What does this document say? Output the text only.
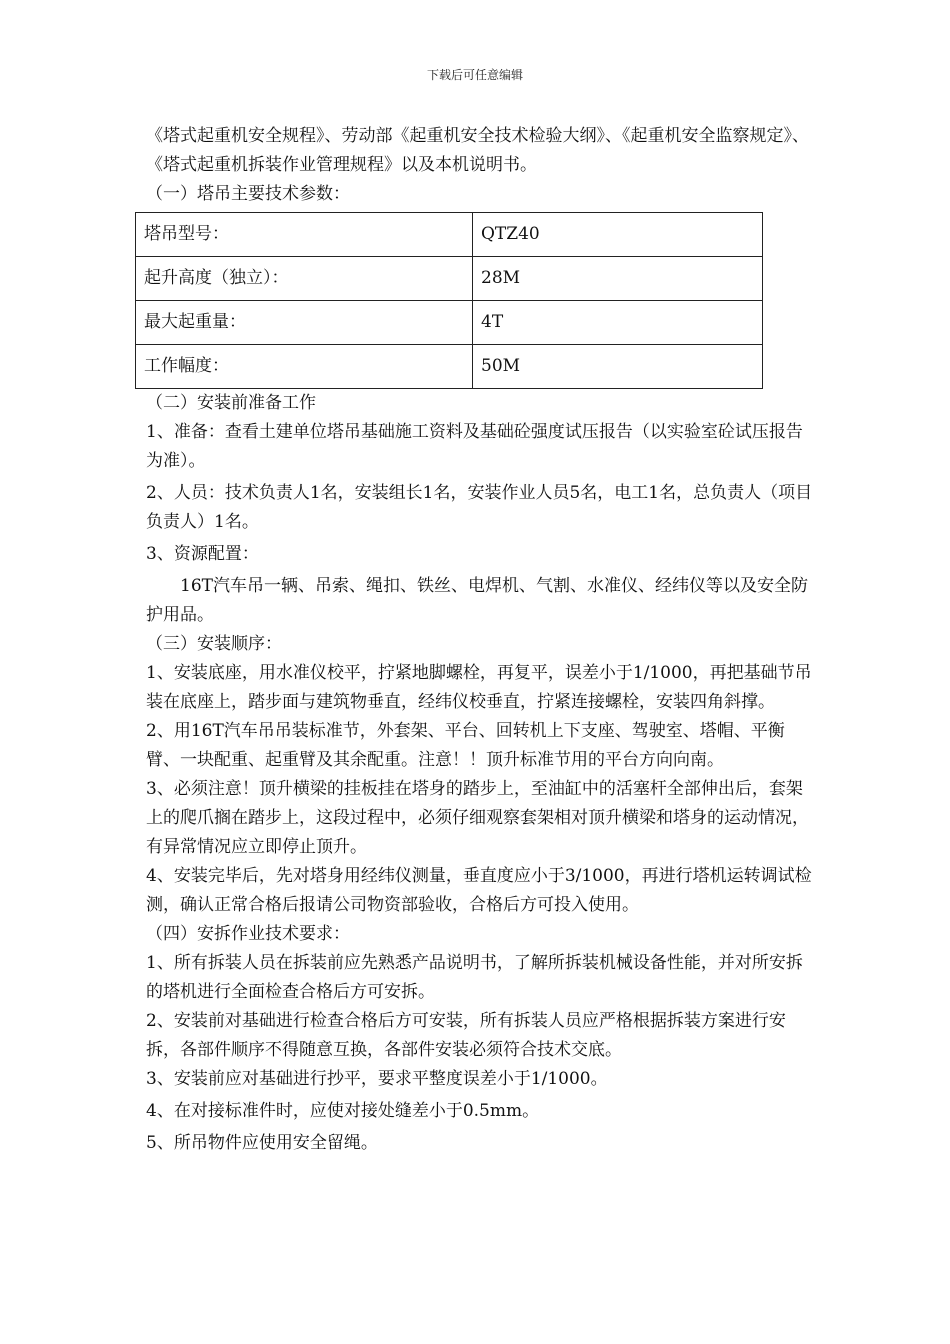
下载后可任意编辑

《塔式起重机安全规程》、劳动部《起重机安全技术检验大纲》、《起重机安全监察规定》、《塔式起重机拆装作业管理规程》以及本机说明书。

（一）塔吊主要技术参数：

塔吊型号：	QTZ40
起升高度（独立）：	28M
最大起重量：	4T
工作幅度：	50M

（二）安装前准备工作

1、准备：查看土建单位塔吊基础施工资料及基础砼强度试压报告（以实验室砼试压报告为准）。

2、人员：技术负责人1名，安装组长1名，安装作业人员5名，电工1名，总负责人（项目负责人）1名。

3、资源配置：

16T汽车吊一辆、吊索、绳扣、铁丝、电焊机、气割、水准仪、经纬仪等以及安全防护用品。

（三）安装顺序：

1、安装底座，用水准仪校平，拧紧地脚螺栓，再复平，误差小于1/1000，再把基础节吊装在底座上，踏步面与建筑物垂直，经纬仪校垂直，拧紧连接螺栓，安装四角斜撑。

2、用16T汽车吊吊装标准节，外套架、平台、回转机上下支座、驾驶室、塔帽、平衡臂、一块配重、起重臂及其余配重。注意！！顶升标准节用的平台方向向南。

3、必须注意！顶升横梁的挂板挂在塔身的踏步上，至油缸中的活塞杆全部伸出后，套架上的爬爪搁在踏步上，这段过程中，必须仔细观察套架相对顶升横梁和塔身的运动情况，有异常情况应立即停止顶升。

4、安装完毕后，先对塔身用经纬仪测量，垂直度应小于3/1000，再进行塔机运转调试检测，确认正常合格后报请公司物资部验收，合格后方可投入使用。

（四）安拆作业技术要求：

1、所有拆装人员在拆装前应先熟悉产品说明书，了解所拆装机械设备性能，并对所安拆的塔机进行全面检查合格后方可安拆。

2、安装前对基础进行检查合格后方可安装，所有拆装人员应严格根据拆装方案进行安拆，各部件顺序不得随意互换，各部件安装必须符合技术交底。

3、安装前应对基础进行抄平，要求平整度误差小于1/1000。

4、在对接标准件时，应使对接处缝差小于0.5mm。

5、所吊物件应使用安全留绳。
